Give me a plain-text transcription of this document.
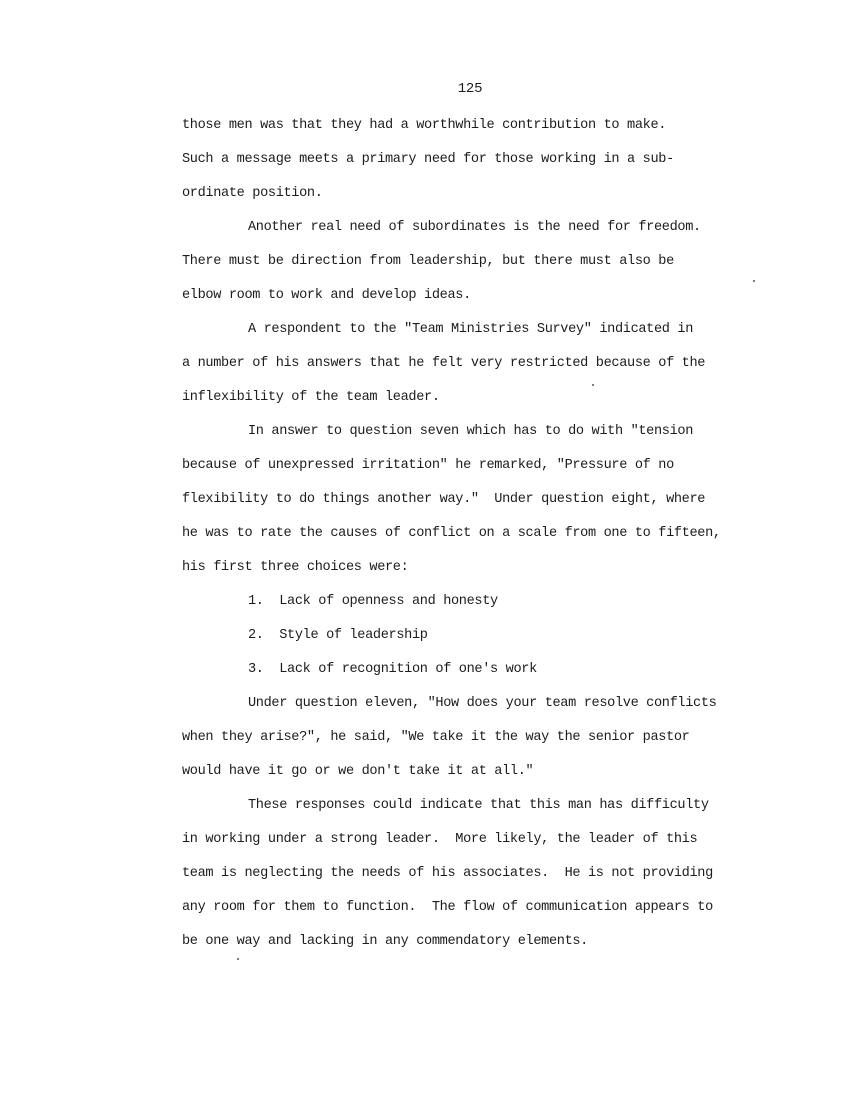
125
those men was that they had a worthwhile contribution to make.
Such a message meets a primary need for those working in a sub-
ordinate position.
Another real need of subordinates is the need for freedom.
There must be direction from leadership, but there must also be
elbow room to work and develop ideas.
A respondent to the "Team Ministries Survey" indicated in
a number of his answers that he felt very restricted because of the
inflexibility of the team leader.
In answer to question seven which has to do with "tension
because of unexpressed irritation" he remarked, "Pressure of no
flexibility to do things another way."  Under question eight, where
he was to rate the causes of conflict on a scale from one to fifteen,
his first three choices were:
1.  Lack of openness and honesty
2.  Style of leadership
3.  Lack of recognition of one's work
Under question eleven, "How does your team resolve conflicts
when they arise?", he said, "We take it the way the senior pastor
would have it go or we don't take it at all."
These responses could indicate that this man has difficulty
in working under a strong leader.  More likely, the leader of this
team is neglecting the needs of his associates.  He is not providing
any room for them to function.  The flow of communication appears to
be one way and lacking in any commendatory elements.
